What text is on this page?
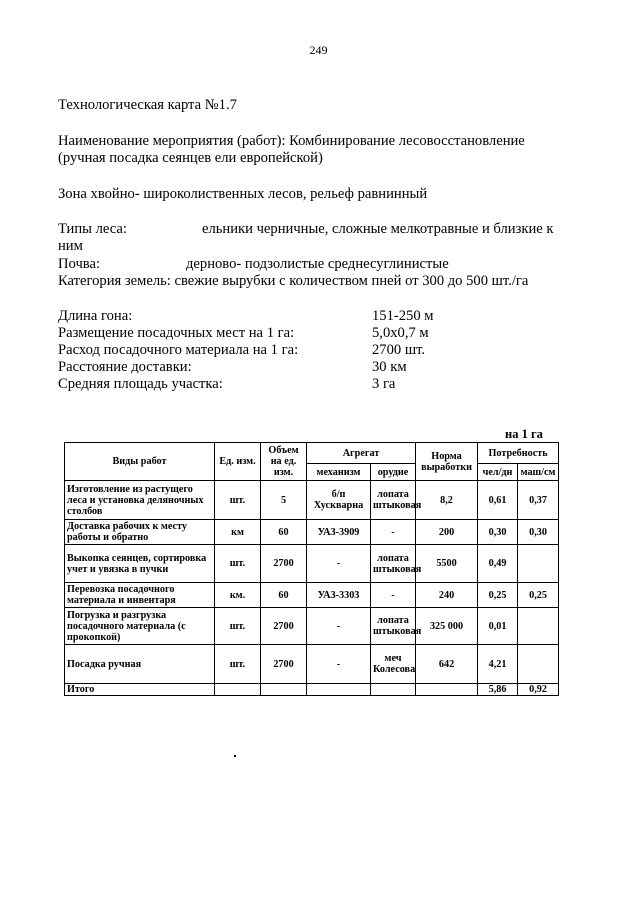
249
Технологическая карта №1.7
Наименование мероприятия (работ): Комбинирование лесовосстановление
(ручная посадка сеянцев ели европейской)
Зона хвойно- широколиственных лесов, рельеф равнинный
Типы леса:	ельники черничные, сложные мелкотравные и близкие к
ним
Почва:	дерново- подзолистые среднесуглинистые
Категория земель: свежие вырубки с количеством пней от 300 до 500 шт./га
Длина гона:	151-250 м
Размещение посадочных мест на 1 га:	5,0х0,7 м
Расход посадочного материала на 1 га:	2700 шт.
Расстояние доставки:	30 км
Средняя площадь участка:	3 га
на 1 га
Виды работ	Ед. изм.	Объем на ед. изм.	Агрегат		Норма выработки	Потребность	
			механизм	орудие		чел/дн	маш/см
Изготовление из растущего леса и установка деляночных столбов	шт.	5	б/п Хускварна	лопата штыковая	8,2	0,61	0,37
Доставка рабочих к месту работы и обратно	км	60	УАЗ-3909	-	200	0,30	0,30
Выкопка сеянцев, сортировка учет и увязка в пучки	шт.	2700	-	лопата штыковая	5500	0,49	
Перевозка посадочного материала и инвентаря	км.	60	УАЗ-3303	-	240	0,25	0,25
Погрузка и разгрузка посадочного материала (с прокопкой)	шт.	2700	-	лопата штыковая	325 000	0,01	
Посадка ручная	шт.	2700	-	меч Колесова	642	4,21	
Итого						5,86	0,92
